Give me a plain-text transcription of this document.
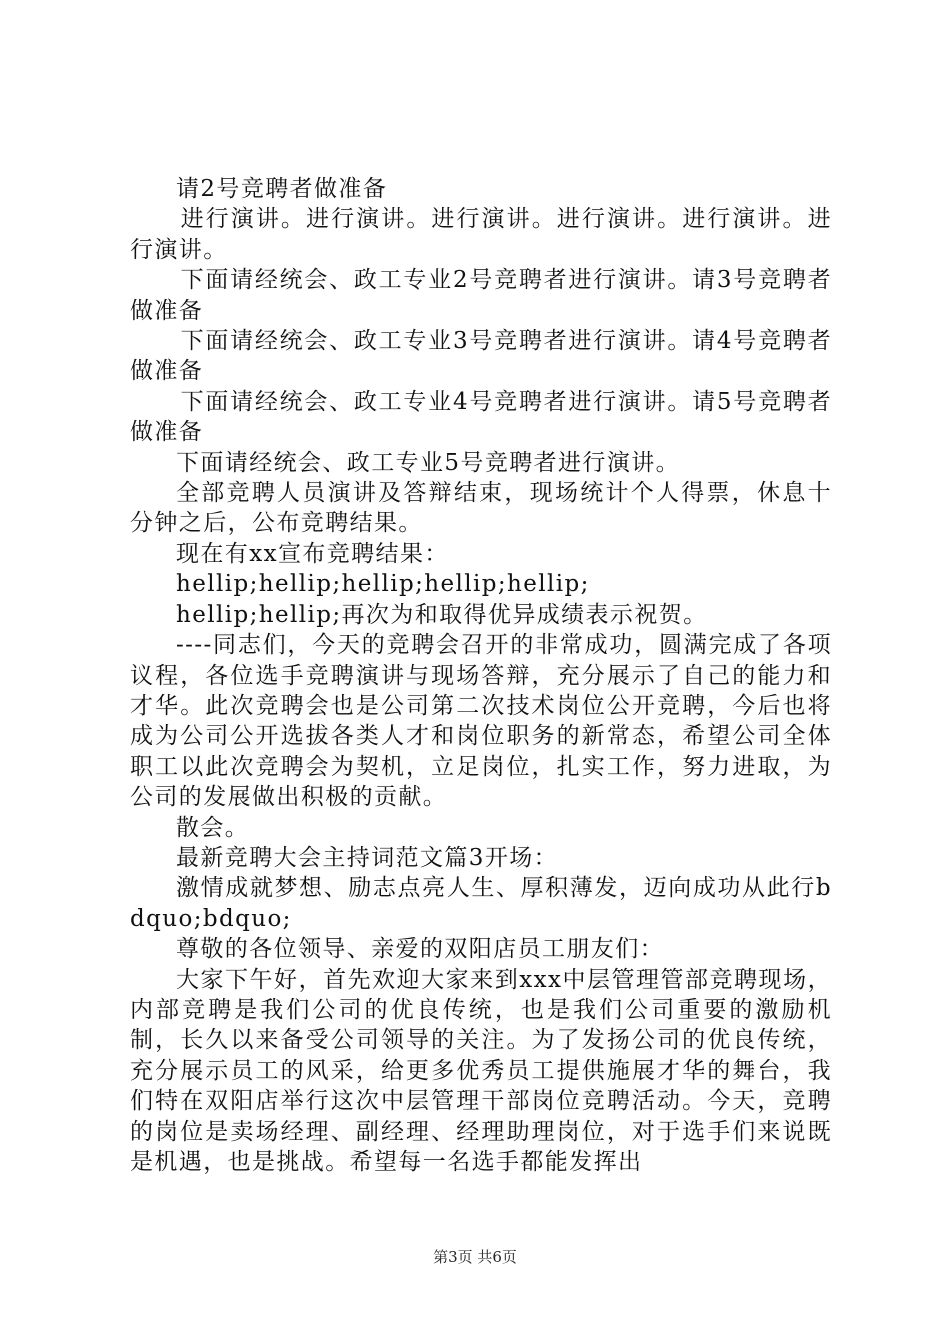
请2号竞聘者做准备

进行演讲。进行演讲。进行演讲。进行演讲。进行演讲。进行演讲。

下面请经统会、政工专业2号竞聘者进行演讲。请3号竞聘者做准备

下面请经统会、政工专业3号竞聘者进行演讲。请4号竞聘者做准备

下面请经统会、政工专业4号竞聘者进行演讲。请5号竞聘者做准备

下面请经统会、政工专业5号竞聘者进行演讲。

全部竞聘人员演讲及答辩结束，现场统计个人得票，休息十分钟之后，公布竞聘结果。

现在有xx宣布竞聘结果：

hellip;hellip;hellip;hellip;hellip;

hellip;hellip;再次为和取得优异成绩表示祝贺。

----同志们，今天的竞聘会召开的非常成功，圆满完成了各项议程，各位选手竞聘演讲与现场答辩，充分展示了自己的能力和才华。此次竞聘会也是公司第二次技术岗位公开竞聘，今后也将成为公司公开选拔各类人才和岗位职务的新常态，希望公司全体职工以此次竞聘会为契机，立足岗位，扎实工作，努力进取，为公司的发展做出积极的贡献。

散会。

最新竞聘大会主持词范文篇3开场：

激情成就梦想、励志点亮人生、厚积薄发，迈向成功从此行bdquo;bdquo;

尊敬的各位领导、亲爱的双阳店员工朋友们：

大家下午好，首先欢迎大家来到xxx中层管理管部竞聘现场，内部竞聘是我们公司的优良传统，也是我们公司重要的激励机制，长久以来备受公司领导的关注。为了发扬公司的优良传统，充分展示员工的风采，给更多优秀员工提供施展才华的舞台，我们特在双阳店举行这次中层管理干部岗位竞聘活动。今天，竞聘的岗位是卖场经理、副经理、经理助理岗位，对于选手们来说既是机遇，也是挑战。希望每一名选手都能发挥出

第3页 共6页
